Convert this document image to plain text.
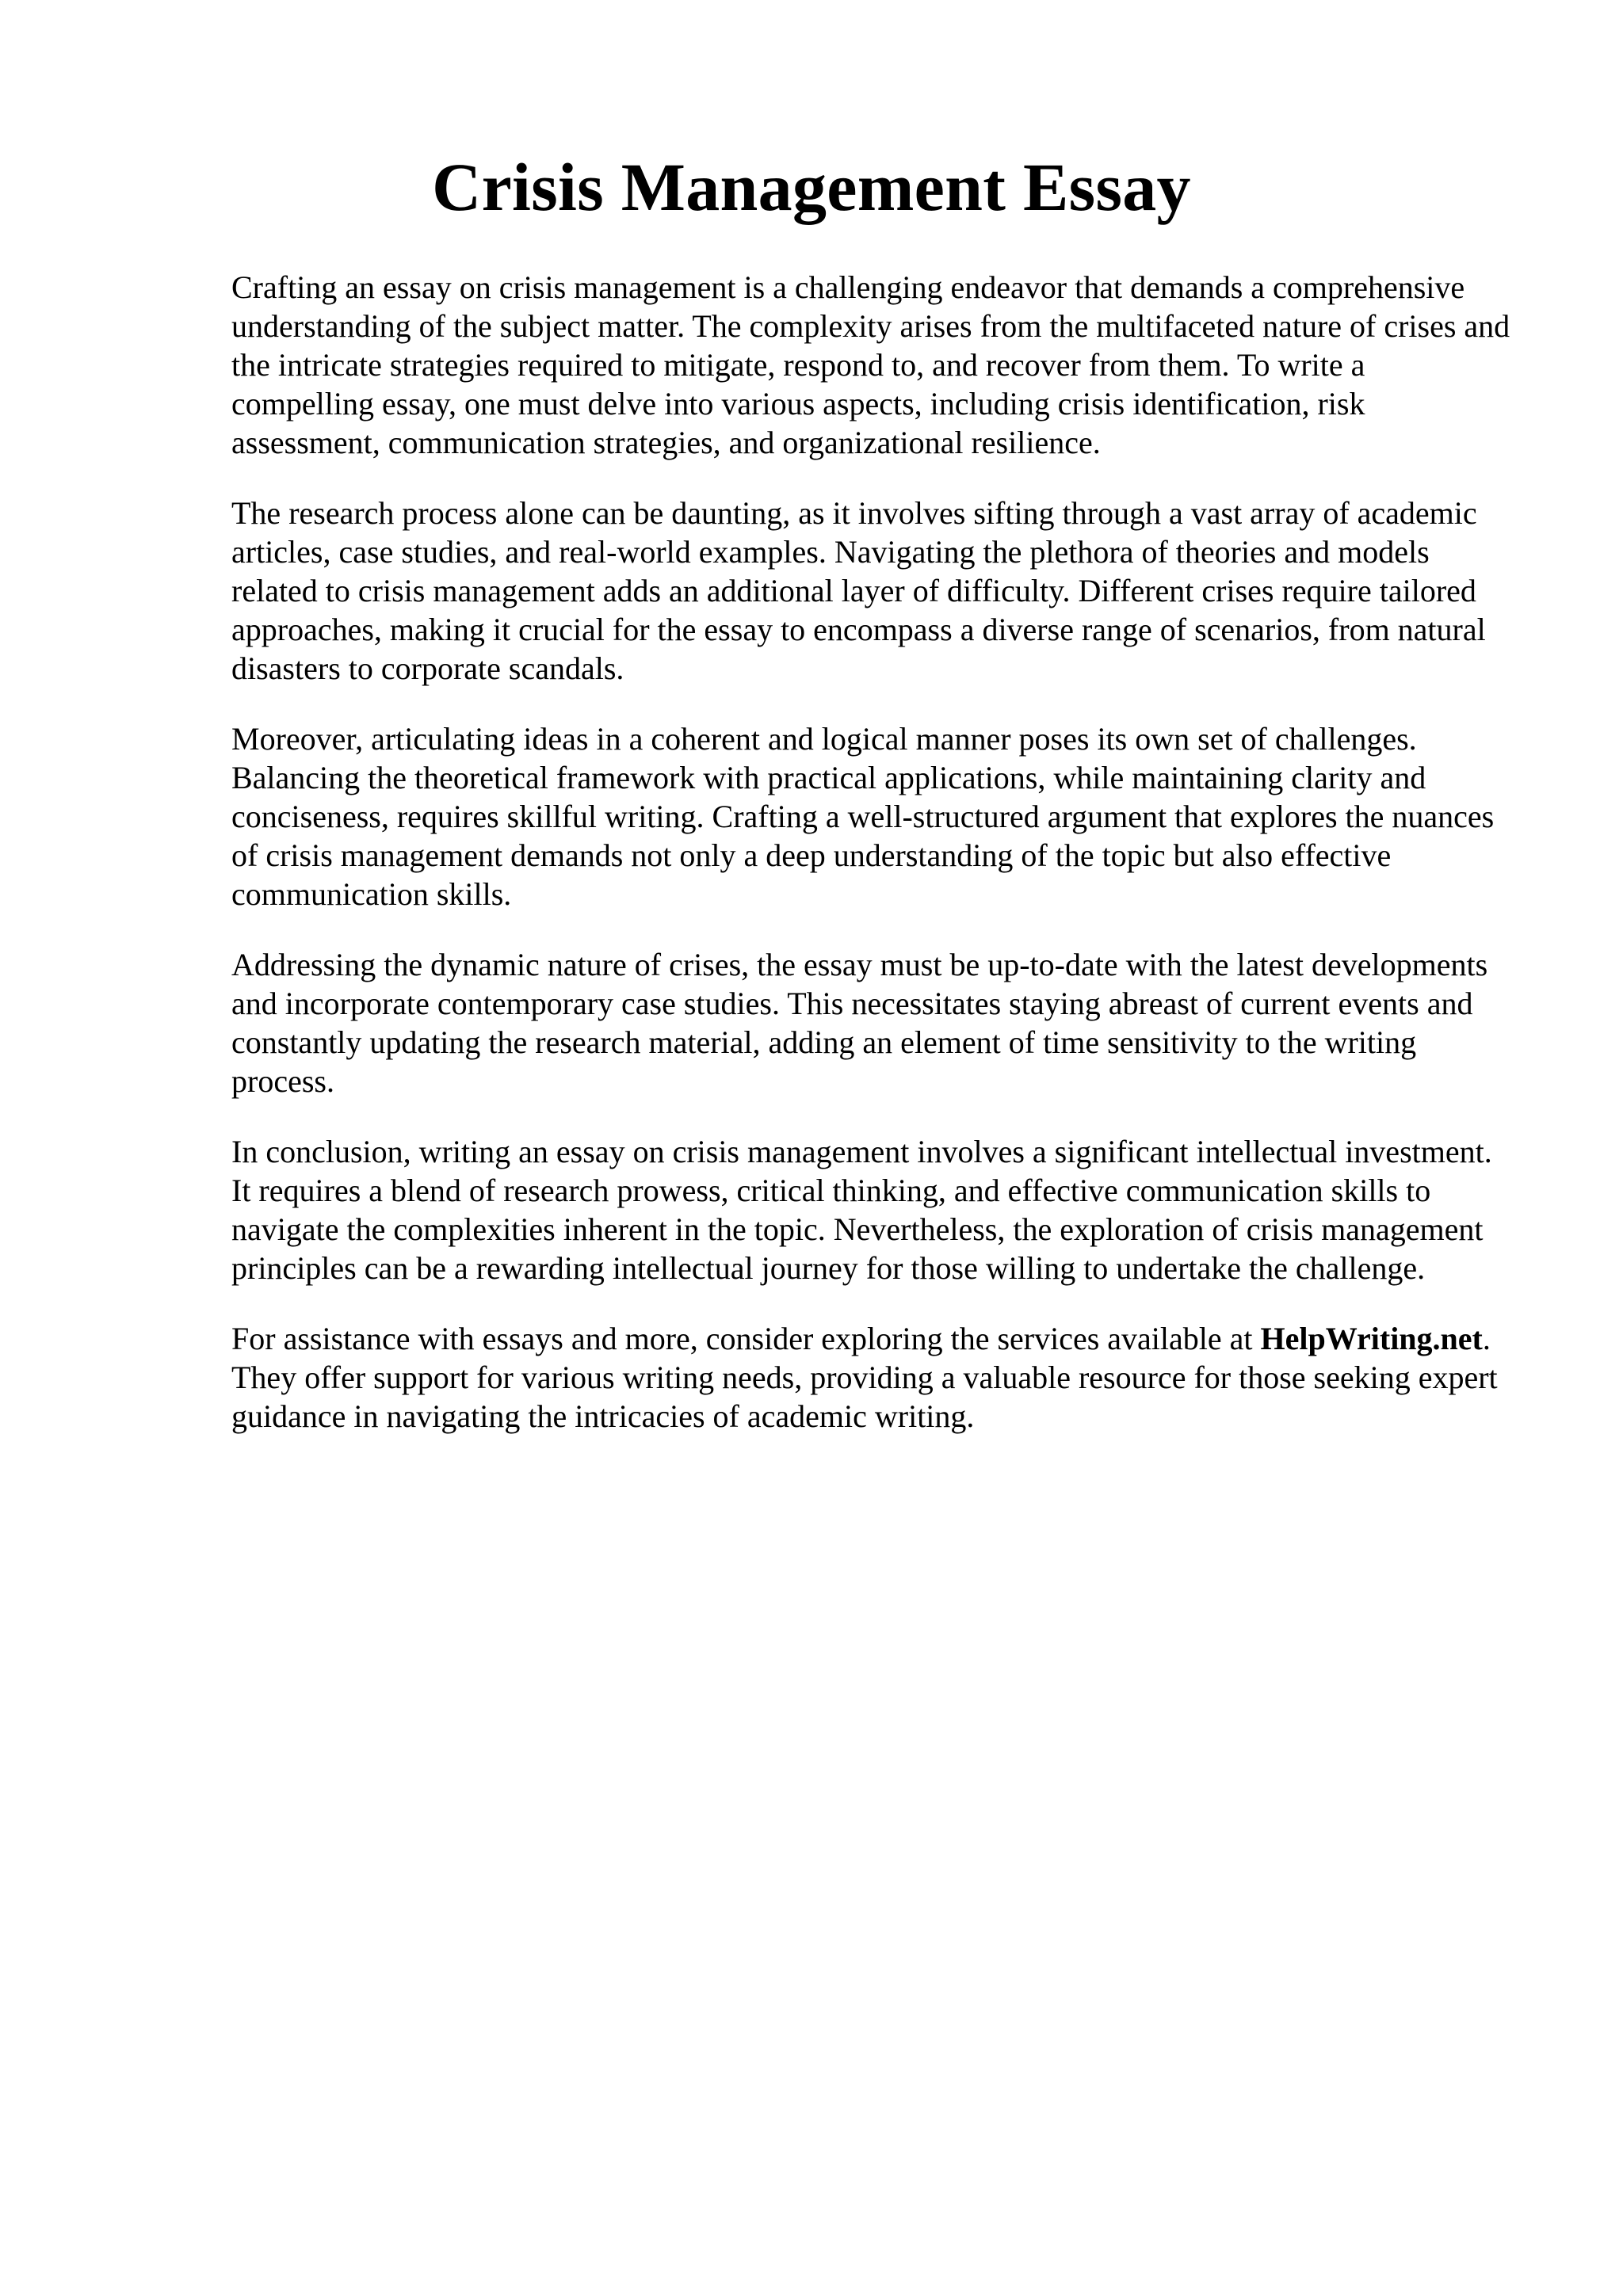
Crisis Management Essay

Crafting an essay on crisis management is a challenging endeavor that demands a comprehensive understanding of the subject matter. The complexity arises from the multifaceted nature of crises and the intricate strategies required to mitigate, respond to, and recover from them. To write a compelling essay, one must delve into various aspects, including crisis identification, risk assessment, communication strategies, and organizational resilience.

The research process alone can be daunting, as it involves sifting through a vast array of academic articles, case studies, and real-world examples. Navigating the plethora of theories and models related to crisis management adds an additional layer of difficulty. Different crises require tailored approaches, making it crucial for the essay to encompass a diverse range of scenarios, from natural disasters to corporate scandals.

Moreover, articulating ideas in a coherent and logical manner poses its own set of challenges. Balancing the theoretical framework with practical applications, while maintaining clarity and conciseness, requires skillful writing. Crafting a well-structured argument that explores the nuances of crisis management demands not only a deep understanding of the topic but also effective communication skills.

Addressing the dynamic nature of crises, the essay must be up-to-date with the latest developments and incorporate contemporary case studies. This necessitates staying abreast of current events and constantly updating the research material, adding an element of time sensitivity to the writing process.

In conclusion, writing an essay on crisis management involves a significant intellectual investment. It requires a blend of research prowess, critical thinking, and effective communication skills to navigate the complexities inherent in the topic. Nevertheless, the exploration of crisis management principles can be a rewarding intellectual journey for those willing to undertake the challenge.

For assistance with essays and more, consider exploring the services available at HelpWriting.net. They offer support for various writing needs, providing a valuable resource for those seeking expert guidance in navigating the intricacies of academic writing.
